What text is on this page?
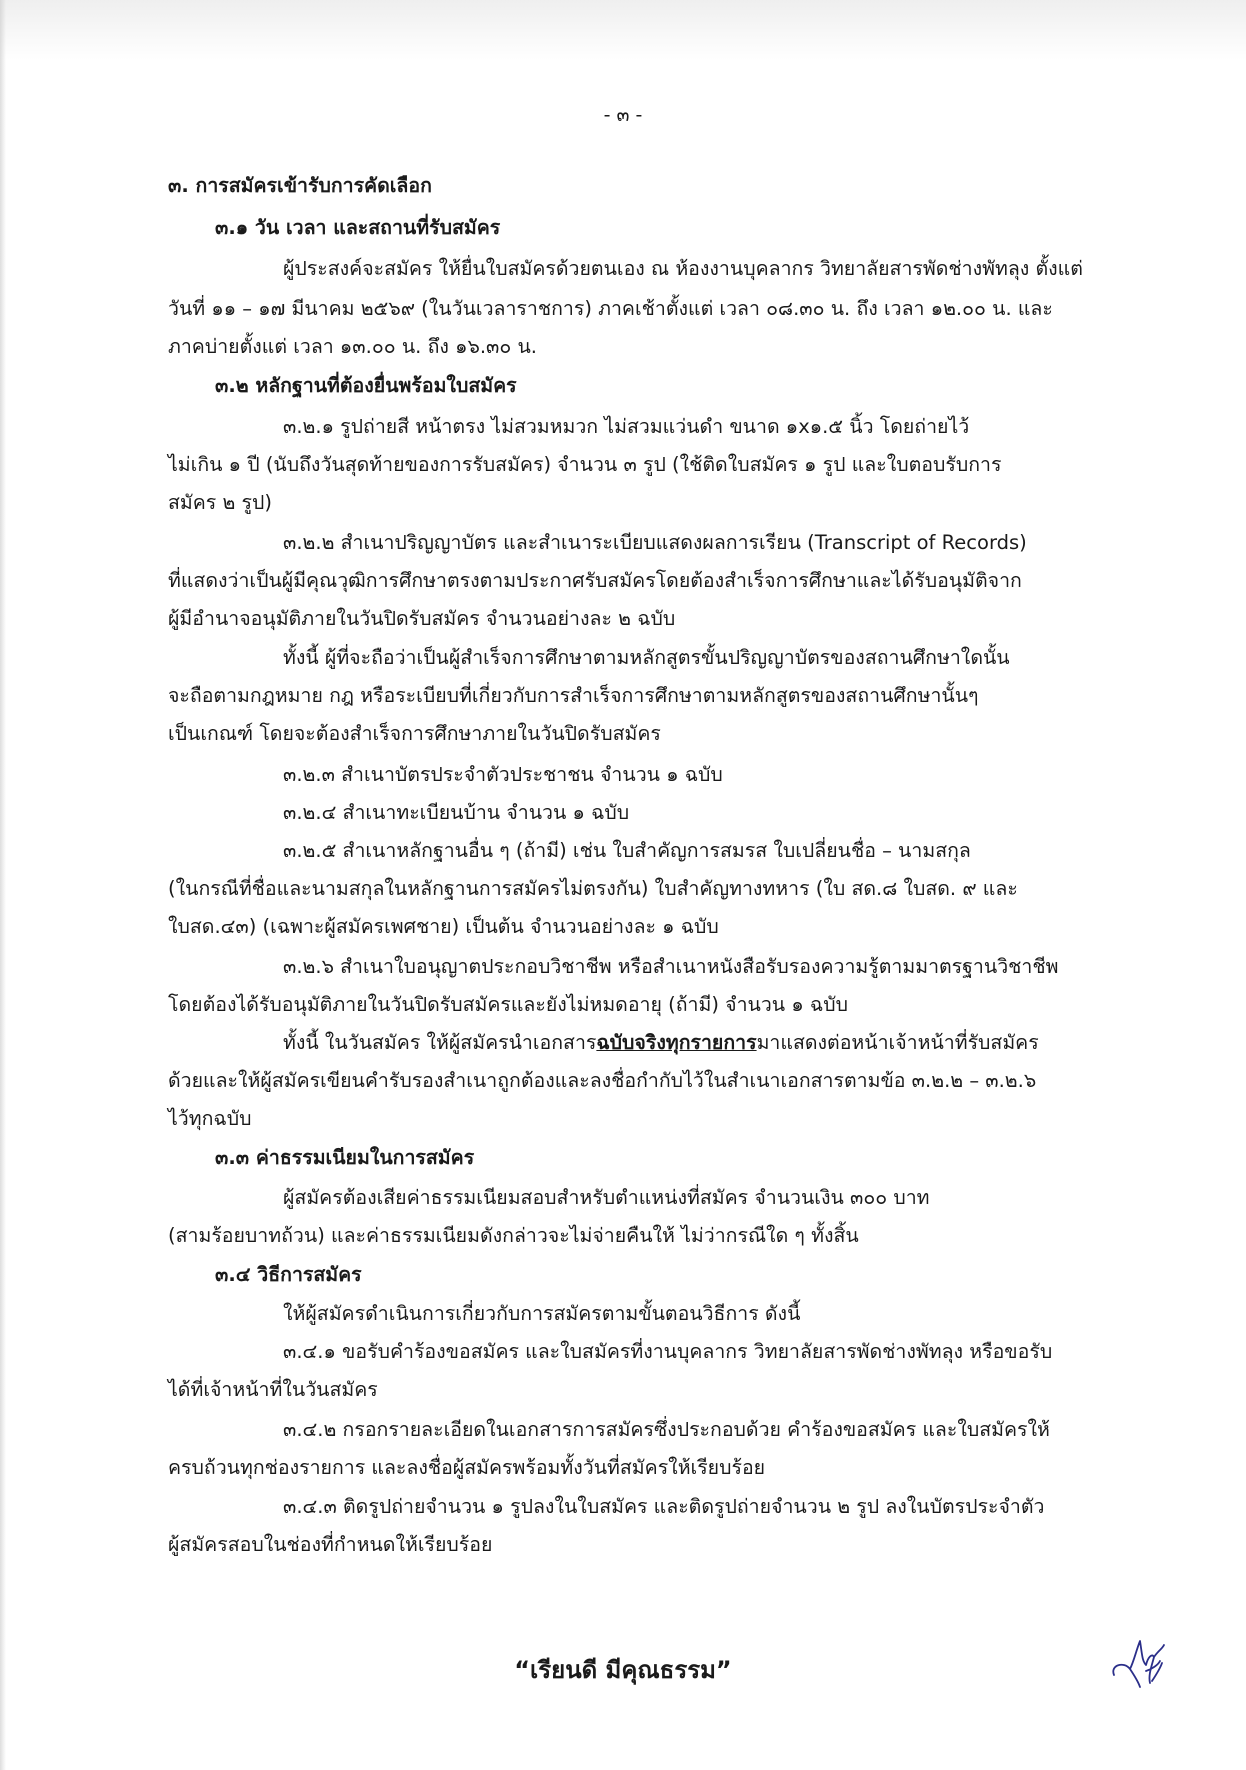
- ๓ -
๓. การสมัครเข้ารับการคัดเลือก
๓.๑ วัน เวลา และสถานที่รับสมัคร
ผู้ประสงค์จะสมัคร ให้ยื่นใบสมัครด้วยตนเอง ณ ห้องงานบุคลากร วิทยาลัยสารพัดช่างพัทลุง ตั้งแต่
วันที่ ๑๑ – ๑๗ มีนาคม ๒๕๖๙ (ในวันเวลาราชการ) ภาคเช้าตั้งแต่ เวลา ๐๘.๓๐ น. ถึง เวลา ๑๒.๐๐ น. และ
ภาคบ่ายตั้งแต่ เวลา ๑๓.๐๐ น. ถึง ๑๖.๓๐ น.
๓.๒ หลักฐานที่ต้องยื่นพร้อมใบสมัคร
๓.๒.๑ รูปถ่ายสี หน้าตรง ไม่สวมหมวก ไม่สวมแว่นดำ ขนาด ๑x๑.๕ นิ้ว โดยถ่ายไว้
ไม่เกิน ๑ ปี (นับถึงวันสุดท้ายของการรับสมัคร) จำนวน ๓ รูป (ใช้ติดใบสมัคร ๑ รูป และใบตอบรับการ
สมัคร ๒ รูป)
๓.๒.๒ สำเนาปริญญาบัตร และสำเนาระเบียบแสดงผลการเรียน (Transcript of Records)
ที่แสดงว่าเป็นผู้มีคุณวุฒิการศึกษาตรงตามประกาศรับสมัครโดยต้องสำเร็จการศึกษาและได้รับอนุมัติจาก
ผู้มีอำนาจอนุมัติภายในวันปิดรับสมัคร จำนวนอย่างละ ๒ ฉบับ
ทั้งนี้ ผู้ที่จะถือว่าเป็นผู้สำเร็จการศึกษาตามหลักสูตรขั้นปริญญาบัตรของสถานศึกษาใดนั้น
จะถือตามกฎหมาย กฎ หรือระเบียบที่เกี่ยวกับการสำเร็จการศึกษาตามหลักสูตรของสถานศึกษานั้นๆ
เป็นเกณฑ์ โดยจะต้องสำเร็จการศึกษาภายในวันปิดรับสมัคร
๓.๒.๓ สำเนาบัตรประจำตัวประชาชน จำนวน ๑ ฉบับ
๓.๒.๔ สำเนาทะเบียนบ้าน จำนวน ๑ ฉบับ
๓.๒.๕ สำเนาหลักฐานอื่น ๆ (ถ้ามี) เช่น ใบสำคัญการสมรส ใบเปลี่ยนชื่อ – นามสกุล
(ในกรณีที่ชื่อและนามสกุลในหลักฐานการสมัครไม่ตรงกัน) ใบสำคัญทางทหาร (ใบ สด.๘ ใบสด. ๙ และ
ใบสด.๔๓) (เฉพาะผู้สมัครเพศชาย) เป็นต้น จำนวนอย่างละ ๑ ฉบับ
๓.๒.๖ สำเนาใบอนุญาตประกอบวิชาชีพ หรือสำเนาหนังสือรับรองความรู้ตามมาตรฐานวิชาชีพ
โดยต้องได้รับอนุมัติภายในวันปิดรับสมัครและยังไม่หมดอายุ (ถ้ามี) จำนวน ๑ ฉบับ
ทั้งนี้ ในวันสมัคร ให้ผู้สมัครนำเอกสารฉบับจริงทุกรายการมาแสดงต่อหน้าเจ้าหน้าที่รับสมัคร
ด้วยและให้ผู้สมัครเขียนคำรับรองสำเนาถูกต้องและลงชื่อกำกับไว้ในสำเนาเอกสารตามข้อ ๓.๒.๒ – ๓.๒.๖
ไว้ทุกฉบับ
๓.๓ ค่าธรรมเนียมในการสมัคร
ผู้สมัครต้องเสียค่าธรรมเนียมสอบสำหรับตำแหน่งที่สมัคร จำนวนเงิน ๓๐๐ บาท
(สามร้อยบาทถ้วน) และค่าธรรมเนียมดังกล่าวจะไม่จ่ายคืนให้ ไม่ว่ากรณีใด ๆ ทั้งสิ้น
๓.๔ วิธีการสมัคร
ให้ผู้สมัครดำเนินการเกี่ยวกับการสมัครตามขั้นตอนวิธีการ ดังนี้
๓.๔.๑ ขอรับคำร้องขอสมัคร และใบสมัครที่งานบุคลากร วิทยาลัยสารพัดช่างพัทลุง หรือขอรับ
ได้ที่เจ้าหน้าที่ในวันสมัคร
๓.๔.๒ กรอกรายละเอียดในเอกสารการสมัครซึ่งประกอบด้วย คำร้องขอสมัคร และใบสมัครให้
ครบถ้วนทุกช่องรายการ และลงชื่อผู้สมัครพร้อมทั้งวันที่สมัครให้เรียบร้อย
๓.๔.๓ ติดรูปถ่ายจำนวน ๑ รูปลงในใบสมัคร และติดรูปถ่ายจำนวน ๒ รูป ลงในบัตรประจำตัว
ผู้สมัครสอบในช่องที่กำหนดให้เรียบร้อย
“เรียนดี มีคุณธรรม”
